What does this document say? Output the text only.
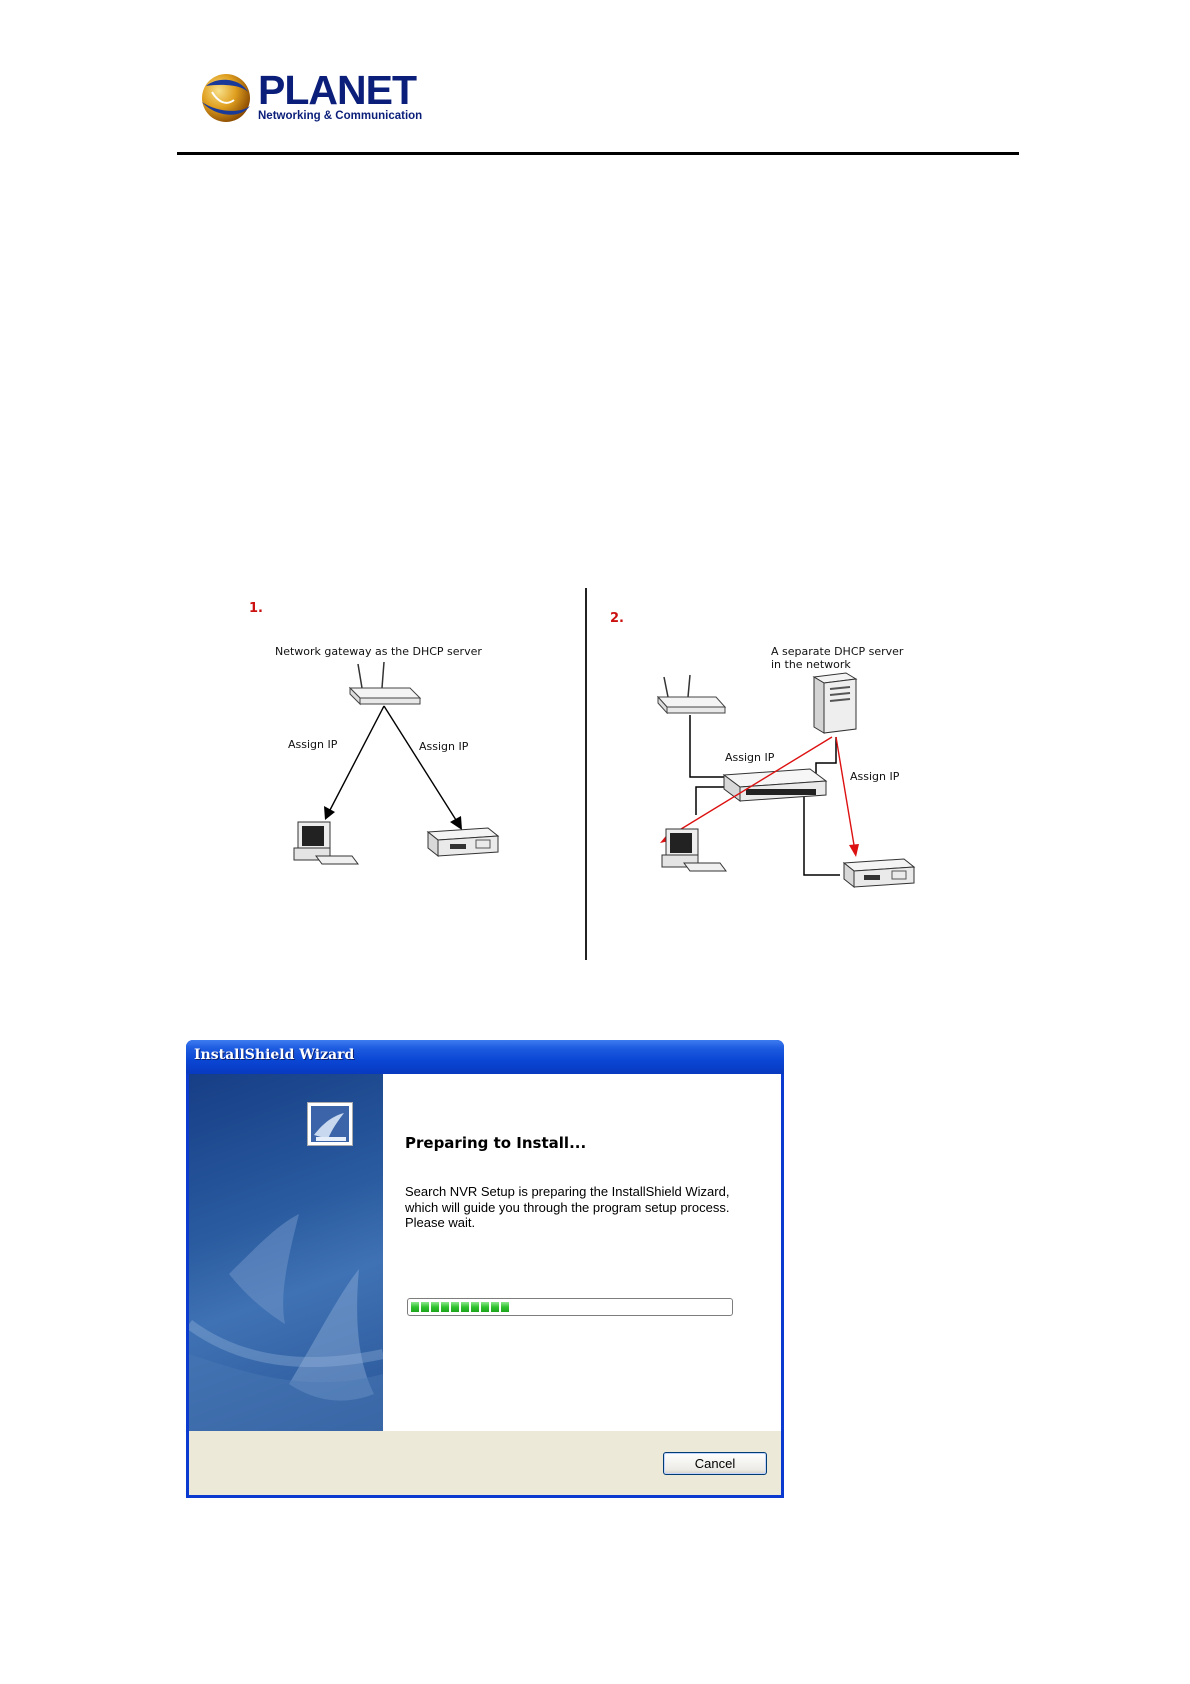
PLANET
Networking & Communication
1.
Network gateway as the DHCP server
Assign IP	Assign IP
2.
A separate DHCP server
in the network
Assign IP
Assign IP
InstallShield Wizard
Preparing to Install...

Search NVR Setup is preparing the InstallShield Wizard,

which will guide you through the program setup process.

Please wait.

Cancel
